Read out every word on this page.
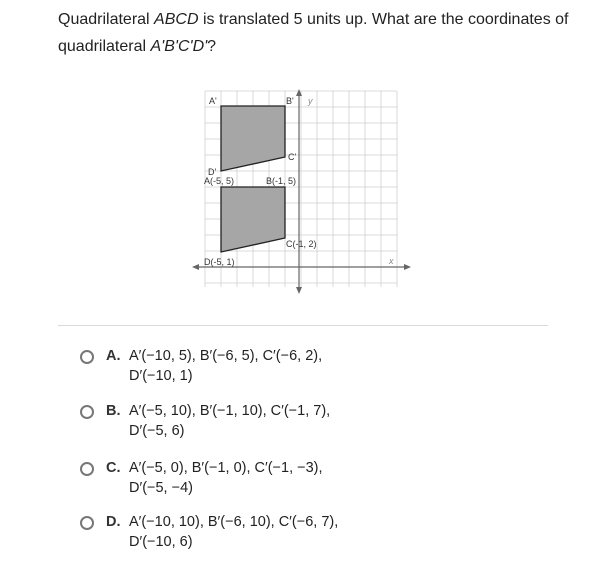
Quadrilateral ABCD is translated 5 units up. What are the coordinates of
quadrilateral A'B'C'D'?
A'	B' y
C'
D'
A(-5, 5)	B(-1, 5)
C(-1, 2)
D(-5, 1)	x
A. A′(−10, 5), B′(−6, 5), C′(−6, 2),
D′(−10, 1)
B. A′(−5, 10), B′(−1, 10), C′(−1, 7),
D′(−5, 6)
C. A′(−5, 0), B′(−1, 0), C′(−1, −3),
D′(−5, −4)
D. A′(−10, 10), B′(−6, 10), C′(−6, 7),
D′(−10, 6)
